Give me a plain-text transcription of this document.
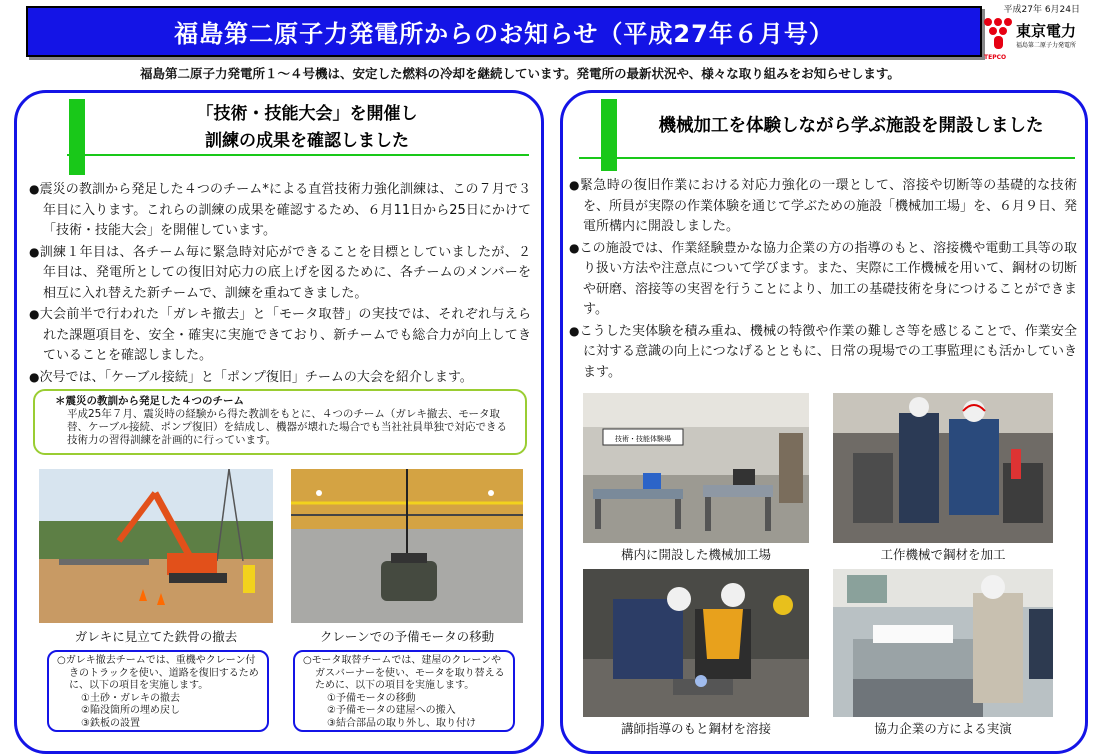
平成27年 6月24日
福島第二原子力発電所からのお知らせ（平成27年６月号）	東京電力
福島第二原子力発電所
TEPCO
福島第二原子力発電所１～４号機は、安定した燃料の冷却を継続しています。発電所の最新状況や、様々な取り組みをお知らせします。
「技術・技能大会」を開催し
訓練の成果を確認しました
● 震災の教訓から発足した４つのチーム*による直営技術力強化訓練は、この７月で３年目に入ります。これらの訓練の成果を確認するため、６月11日から25日にかけて「技術・技能大会」を開催しています。
● 訓練１年目は、各チーム毎に緊急時対応ができることを目標としていましたが、２年目は、発電所としての復旧対応力の底上げを図るために、各チームのメンバーを相互に入れ替えた新チームで、訓練を重ねてきました。
● 大会前半で行われた「ガレキ撤去」と「モータ取替」の実技では、それぞれ与えられた課題項目を、安全・確実に実施できており、新チームでも総合力が向上してきていることを確認しました。
● 次号では、「ケーブル接続」と「ポンプ復旧」チームの大会を紹介します。
＊震災の教訓から発足した４つのチーム
平成25年７月、震災時の経験から得た教訓をもとに、４つのチーム（ガレキ撤去、モータ取替、ケーブル接続、ポンプ復旧）を結成し、機器が壊れた場合でも当社社員単独で対応できる技術力の習得訓練を計画的に行っています。
ガレキに見立てた鉄骨の撤去	クレーンでの予備モータの移動
○ガレキ撤去チームでは、重機やクレーン付きのトラックを使い、道路を復旧するために、以下の項目を実施します。
①土砂・ガレキの撤去
②陥没箇所の埋め戻し
③鉄板の設置
○モータ取替チームでは、建屋のクレーンやガスバーナーを使い、モータを取り替えるために、以下の項目を実施します。
①予備モータの移動
②予備モータの建屋への搬入
③結合部品の取り外し、取り付け
機械加工を体験しながら学ぶ施設を開設しました
● 緊急時の復旧作業における対応力強化の一環として、溶接や切断等の基礎的な技術を、所員が実際の作業体験を通じて学ぶための施設「機械加工場」を、６月９日、発電所構内に開設しました。
● この施設では、作業経験豊かな協力企業の方の指導のもと、溶接機や電動工具等の取り扱い方法や注意点について学びます。また、実際に工作機械を用いて、鋼材の切断や研磨、溶接等の実習を行うことにより、加工の基礎技術を身につけることができます。
● こうした実体験を積み重ね、機械の特徴や作業の難しさ等を感じることで、作業安全に対する意識の向上につなげるとともに、日常の現場での工事監理にも活かしていきます。
技術・技能体験場
構内に開設した機械加工場	工作機械で鋼材を加工
講師指導のもと鋼材を溶接	協力企業の方による実演
